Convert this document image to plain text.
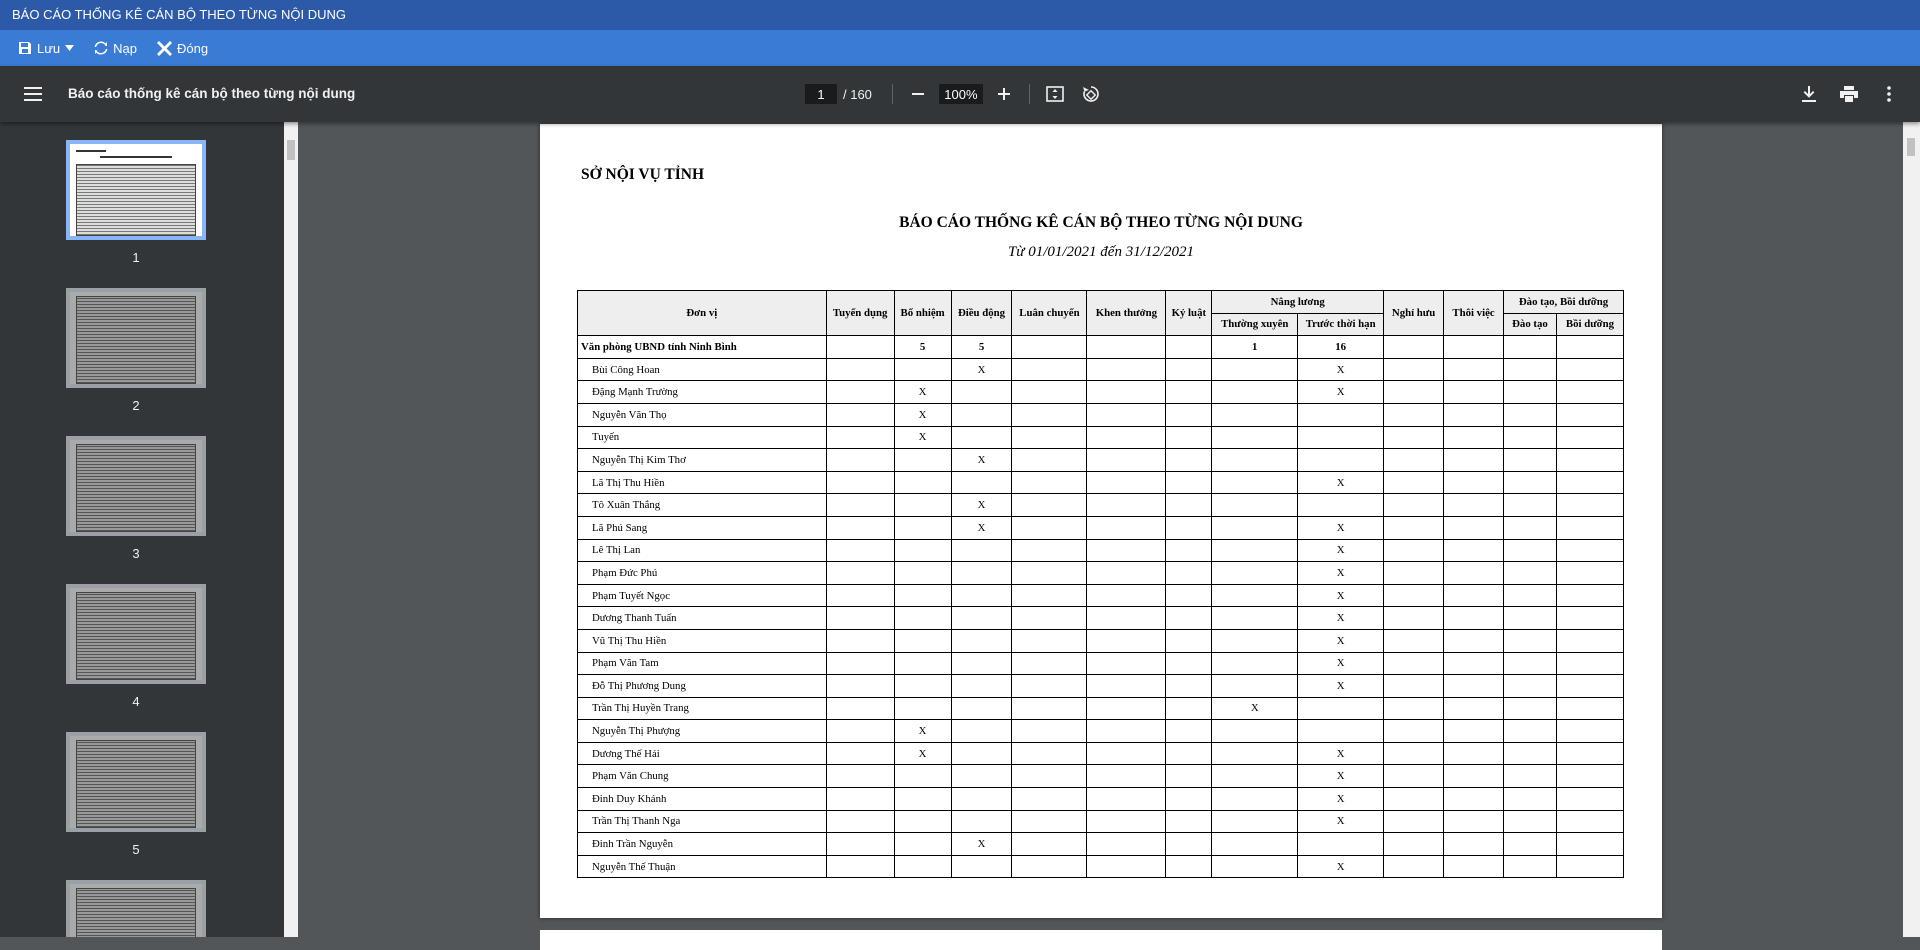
BÁO CÁO THỐNG KÊ CÁN BỘ THEO TỪNG NỘI DUNG
Lưu	Nạp	Đóng
Báo cáo thống kê cán bộ theo từng nội dung
1	/ 160
100%
1
2
3
4
5
SỞ NỘI VỤ TỈNH
BÁO CÁO THỐNG KÊ CÁN BỘ THEO TỪNG NỘI DUNG
Từ 01/01/2021 đến 31/12/2021
Đơn vị	Tuyển dụng	Bổ nhiệm	Điều động	Luân chuyển	Khen thưởng	Kỷ luật	Nâng lương		Nghỉ hưu	Thôi việc	Đào tạo, Bồi dưỡng	
							Thường xuyên	Trước thời hạn			Đào tạo	Bồi dưỡng
Văn phòng UBND tỉnh Ninh Bình		5	5				1	16				
Bùi Công Hoan			X					X				
Đặng Mạnh Trường		X						X				
Nguyễn Văn Thọ		X										
Tuyến		X										
Nguyễn Thị Kim Thơ			X									
Lã Thị Thu Hiền								X				
Tô Xuân Thắng			X									
Lã Phú Sang			X					X				
Lê Thị Lan								X				
Phạm Đức Phú								X				
Phạm Tuyết Ngọc								X				
Dương Thanh Tuấn								X				
Vũ Thị Thu Hiền								X				
Phạm Văn Tam								X				
Đỗ Thị Phương Dung								X				
Trần Thị Huyền Trang							X					
Nguyễn Thị Phượng		X										
Dương Thế Hải		X						X				
Phạm Văn Chung								X				
Đinh Duy Khánh								X				
Trần Thị Thanh Nga								X				
Đinh Trần Nguyễn			X									
Nguyễn Thế Thuận								X				
